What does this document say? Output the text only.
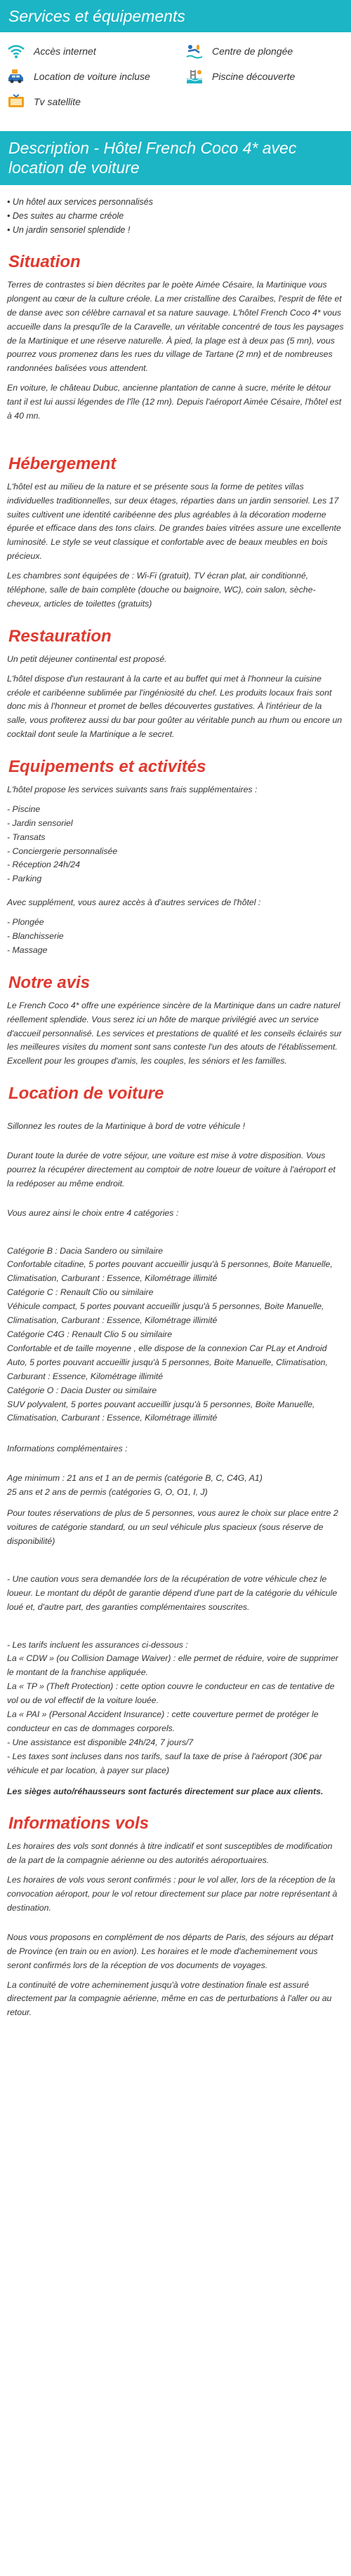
Services et équipements
Accès internet	Centre de plongée
Location de voiture incluse	Piscine découverte
Tv satellite
Description - Hôtel French Coco 4* avec location de voiture
• Un hôtel aux services personnalisés
• Des suites au charme créole
• Un jardin sensoriel splendide !
Situation

Terres de contrastes si bien décrites par le poète Aimée Césaire, la Martinique vous plongent au cœur de la culture créole. La mer cristalline des Caraïbes, l'esprit de fête et de danse avec son célèbre carnaval et sa nature sauvage. L'hôtel French Coco 4* vous accueille dans la presqu'île de la Caravelle, un véritable concentré de tous les paysages de la Martinique et une réserve naturelle. À pied, la plage est à deux pas (5 mn), vous pourrez vous promenez dans les rues du village de Tartane (2 mn) et de nombreuses randonnées balisées vous attendent.

En voiture, le château Dubuc, ancienne plantation de canne à sucre, mérite le détour tant il est lui aussi légendes de l'île (12 mn). Depuis l'aéroport Aimée Césaire, l'hôtel est à 40 mn.

Hébergement

L'hôtel est au milieu de la nature et se présente sous la forme de petites villas individuelles traditionnelles, sur deux étages, réparties dans un jardin sensoriel. Les 17 suites cultivent une identité caribéenne des plus agréables à la décoration moderne épurée et efficace dans des tons clairs. De grandes baies vitrées assure une excellente luminosité. Le style se veut classique et confortable avec de beaux meubles en bois précieux.

Les chambres sont équipées de : Wi-Fi (gratuit), TV écran plat, air conditionné, téléphone, salle de bain complète (douche ou baignoire, WC), coin salon, sèche-cheveux, articles de toilettes (gratuits)

Restauration

Un petit déjeuner continental est proposé.

L'hôtel dispose d'un restaurant à la carte et au buffet qui met à l'honneur la cuisine créole et caribéenne sublimée par l'ingéniosité du chef. Les produits locaux frais sont donc mis à l'honneur et promet de belles découvertes gustatives. À l'intérieur de la salle, vous profiterez aussi du bar pour goûter au véritable punch au rhum ou encore un cocktail dont seule la Martinique a le secret.

Equipements et activités

L'hôtel propose les services suivants sans frais supplémentaires :

- Piscine
- Jardin sensoriel
- Transats
- Conciergerie personnalisée
- Réception 24h/24
- Parking

Avec supplément, vous aurez accès à d'autres services de l'hôtel :

- Plongée
- Blanchisserie
- Massage
Notre avis

Le French Coco 4* offre une expérience sincère de la Martinique dans un cadre naturel réellement splendide. Vous serez ici un hôte de marque privilégié avec un service d'accueil personnalisé. Les services et prestations de qualité et les conseils éclairés sur les meilleures visites du moment sont sans conteste l'un des atouts de l'établissement. Excellent pour les groupes d'amis, les couples, les séniors et les familles.

Location de voiture

Sillonnez les routes de la Martinique à bord de votre véhicule !

Durant toute la durée de votre séjour, une voiture est mise à votre disposition. Vous pourrez la récupérer directement au comptoir de notre loueur de voiture à l'aéroport et la redéposer au même endroit.

Vous aurez ainsi le choix entre 4 catégories :

Catégorie B : Dacia Sandero ou similaire
Confortable citadine, 5 portes pouvant accueillir jusqu'à 5 personnes, Boite Manuelle, Climatisation, Carburant : Essence, Kilométrage illimité
Catégorie C : Renault Clio ou similaire
Véhicule compact, 5 portes pouvant accueillir jusqu'à 5 personnes, Boite Manuelle, Climatisation, Carburant : Essence, Kilométrage illimité
Catégorie C4G : Renault Clio 5 ou similaire
Confortable et de taille moyenne , elle dispose de la connexion Car PLay et Android Auto, 5 portes pouvant accueillir jusqu'à 5 personnes, Boite Manuelle, Climatisation, Carburant : Essence, Kilométrage illimité
Catégorie O : Dacia Duster ou similaire
SUV polyvalent, 5 portes pouvant accueillir jusqu'à 5 personnes, Boite Manuelle, Climatisation, Carburant : Essence, Kilométrage illimité

Informations complémentaires :

Age minimum : 21 ans et 1 an de permis (catégorie B, C, C4G, A1)
25 ans et 2 ans de permis (catégories G, O, O1, I, J)

Pour toutes réservations de plus de 5 personnes, vous aurez le choix sur place entre 2 voitures de catégorie standard, ou un seul véhicule plus spacieux (sous réserve de disponibilité)

- Une caution vous sera demandée lors de la récupération de votre véhicule chez le loueur. Le montant du dépôt de garantie dépend d'une part de la catégorie du véhicule loué et, d'autre part, des garanties complémentaires souscrites.

- Les tarifs incluent les assurances ci-dessous :
La « CDW » (ou Collision Damage Waiver) : elle permet de réduire, voire de supprimer le montant de la franchise appliquée.
La « TP » (Theft Protection) : cette option couvre le conducteur en cas de tentative de vol ou de vol effectif de la voiture louée.
La « PAI » (Personal Accident Insurance) : cette couverture permet de protéger le conducteur en cas de dommages corporels.
- Une assistance est disponible 24h/24, 7 jours/7
- Les taxes sont incluses dans nos tarifs, sauf la taxe de prise à l'aéroport (30€ par véhicule et par location, à payer sur place)

Les sièges auto/réhausseurs sont facturés directement sur place aux clients.

Informations vols

Les horaires des vols sont donnés à titre indicatif et sont susceptibles de modification de la part de la compagnie aérienne ou des autorités aéroportuaires.

Les horaires de vols vous seront confirmés : pour le vol aller, lors de la réception de la convocation aéroport, pour le vol retour directement sur place par notre représentant à destination.

Nous vous proposons en complément de nos départs de Paris, des séjours au départ de Province (en train ou en avion). Les horaires et le mode d'acheminement vous seront confirmés lors de la réception de vos documents de voyages.

La continuité de votre acheminement jusqu'à votre destination finale est assuré directement par la compagnie aérienne, même en cas de perturbations à l'aller ou au retour.
